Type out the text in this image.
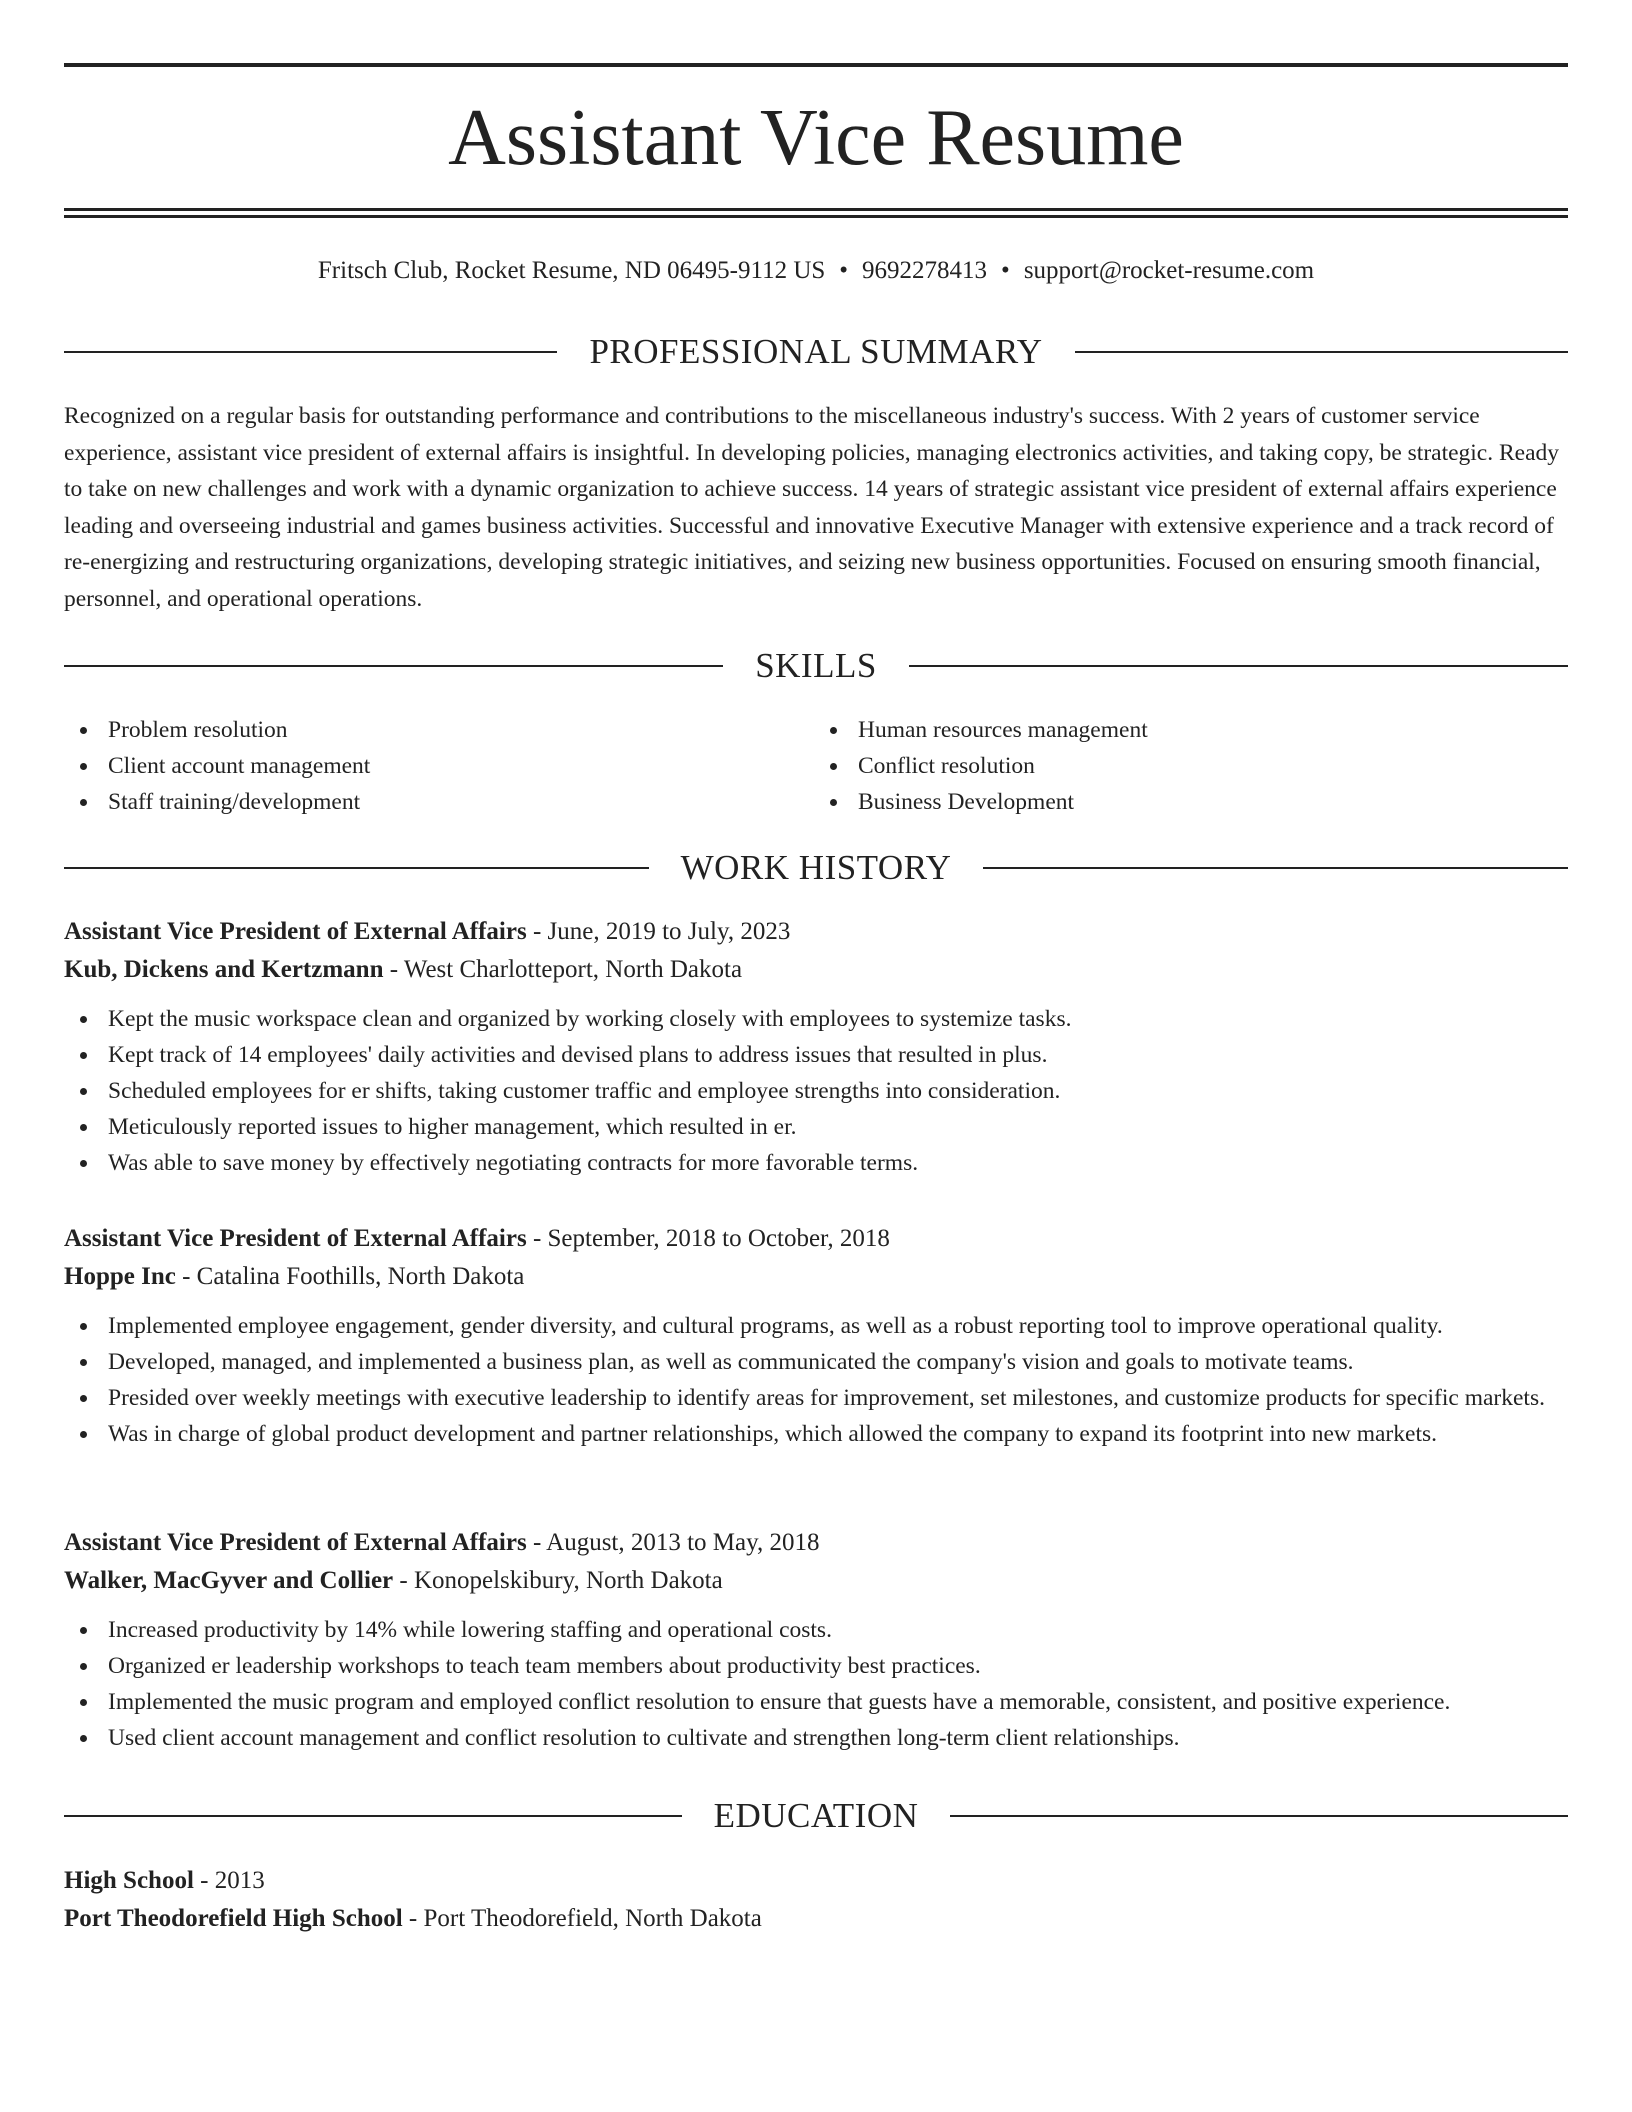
Assistant Vice Resume
Fritsch Club, Rocket Resume, ND 06495-9112 US • 9692278413 • support@rocket-resume.com
PROFESSIONAL SUMMARY

Recognized on a regular basis for outstanding performance and contributions to the miscellaneous industry's success. With 2 years of customer service experience, assistant vice president of external affairs is insightful. In developing policies, managing electronics activities, and taking copy, be strategic. Ready to take on new challenges and work with a dynamic organization to achieve success. 14 years of strategic assistant vice president of external affairs experience leading and overseeing industrial and games business activities. Successful and innovative Executive Manager with extensive experience and a track record of re-energizing and restructuring organizations, developing strategic initiatives, and seizing new business opportunities. Focused on ensuring smooth financial, personnel, and operational operations.

SKILLS
Problem resolution
Client account management
Staff training/development
Human resources management
Conflict resolution
Business Development
WORK HISTORY
Assistant Vice President of External Affairs - June, 2019 to July, 2023
Kub, Dickens and Kertzmann - West Charlotteport, North Dakota
Kept the music workspace clean and organized by working closely with employees to systemize tasks.
Kept track of 14 employees' daily activities and devised plans to address issues that resulted in plus.
Scheduled employees for er shifts, taking customer traffic and employee strengths into consideration.
Meticulously reported issues to higher management, which resulted in er.
Was able to save money by effectively negotiating contracts for more favorable terms.
Assistant Vice President of External Affairs - September, 2018 to October, 2018
Hoppe Inc - Catalina Foothills, North Dakota
Implemented employee engagement, gender diversity, and cultural programs, as well as a robust reporting tool to improve operational quality.
Developed, managed, and implemented a business plan, as well as communicated the company's vision and goals to motivate teams.
Presided over weekly meetings with executive leadership to identify areas for improvement, set milestones, and customize products for specific markets.
Was in charge of global product development and partner relationships, which allowed the company to expand its footprint into new markets.
Assistant Vice President of External Affairs - August, 2013 to May, 2018
Walker, MacGyver and Collier - Konopelskibury, North Dakota
Increased productivity by 14% while lowering staffing and operational costs.
Organized er leadership workshops to teach team members about productivity best practices.
Implemented the music program and employed conflict resolution to ensure that guests have a memorable, consistent, and positive experience.
Used client account management and conflict resolution to cultivate and strengthen long-term client relationships.
EDUCATION
High School - 2013
Port Theodorefield High School - Port Theodorefield, North Dakota
